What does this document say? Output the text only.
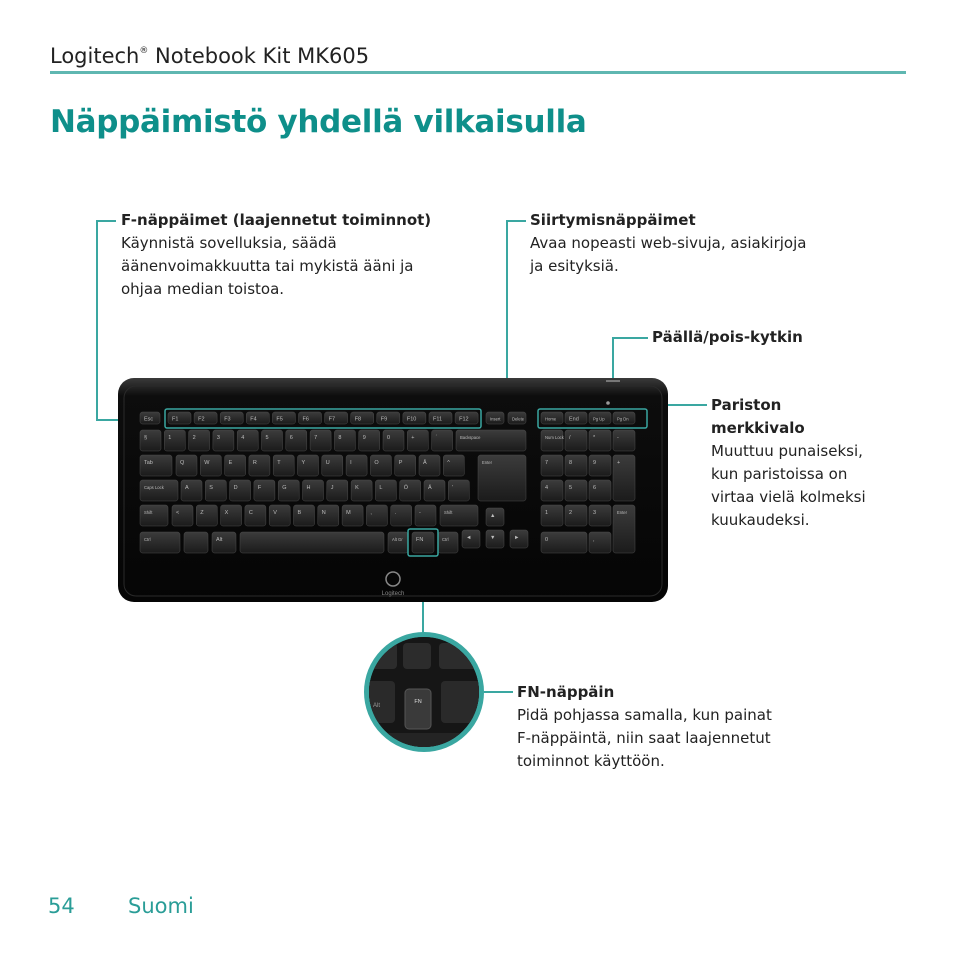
Logitech® Notebook Kit MK605
Näppäimistö yhdellä vilkaisulla
F-näppäimet (laajennetut toiminnot)
Käynnistä sovelluksia, säädä
äänenvoimakkuutta tai mykistä ääni ja
ohjaa median toistoa.
Siirtymisnäppäimet
Avaa nopeasti web-sivuja, asiakirjoja
ja esityksiä.
Päällä/pois-kytkin
Pariston
merkkivalo
Muuttuu punaiseksi,
kun paristoissa on
virtaa vielä kolmeksi
kuukaudeksi.
FN-näppäin
Pidä pohjassa samalla, kun painat
F-näppäintä, niin saat laajennetut
toiminnot käyttöön.
Esc	F1	F2	F3	F4	F5	F6	F7	F8	F9	F10	F11	F12	Insert	Delete	Home End	Pg Up	Pg Dn
§	1	2	3	4	5	6	7	8	9	0	+	´	Backspace
Tab	Q	W	E	R	T	Y	U	I	O	P	Å	^
Caps Lock	A	S	D	F	G	H	J	K	L	Ö	Ä	'
Enter
Shift	<	Z	X	C	V	B	N	M	,	.	-	Shift
Ctrl	Alt	Alt Gr FN	Ctrl
▲
◄	▼	►
Num Lock /	*	-
7	8	9	+
4	5	6
1	2	3	Enter
0	,
Logitech
Alt
FN
54	Suomi
